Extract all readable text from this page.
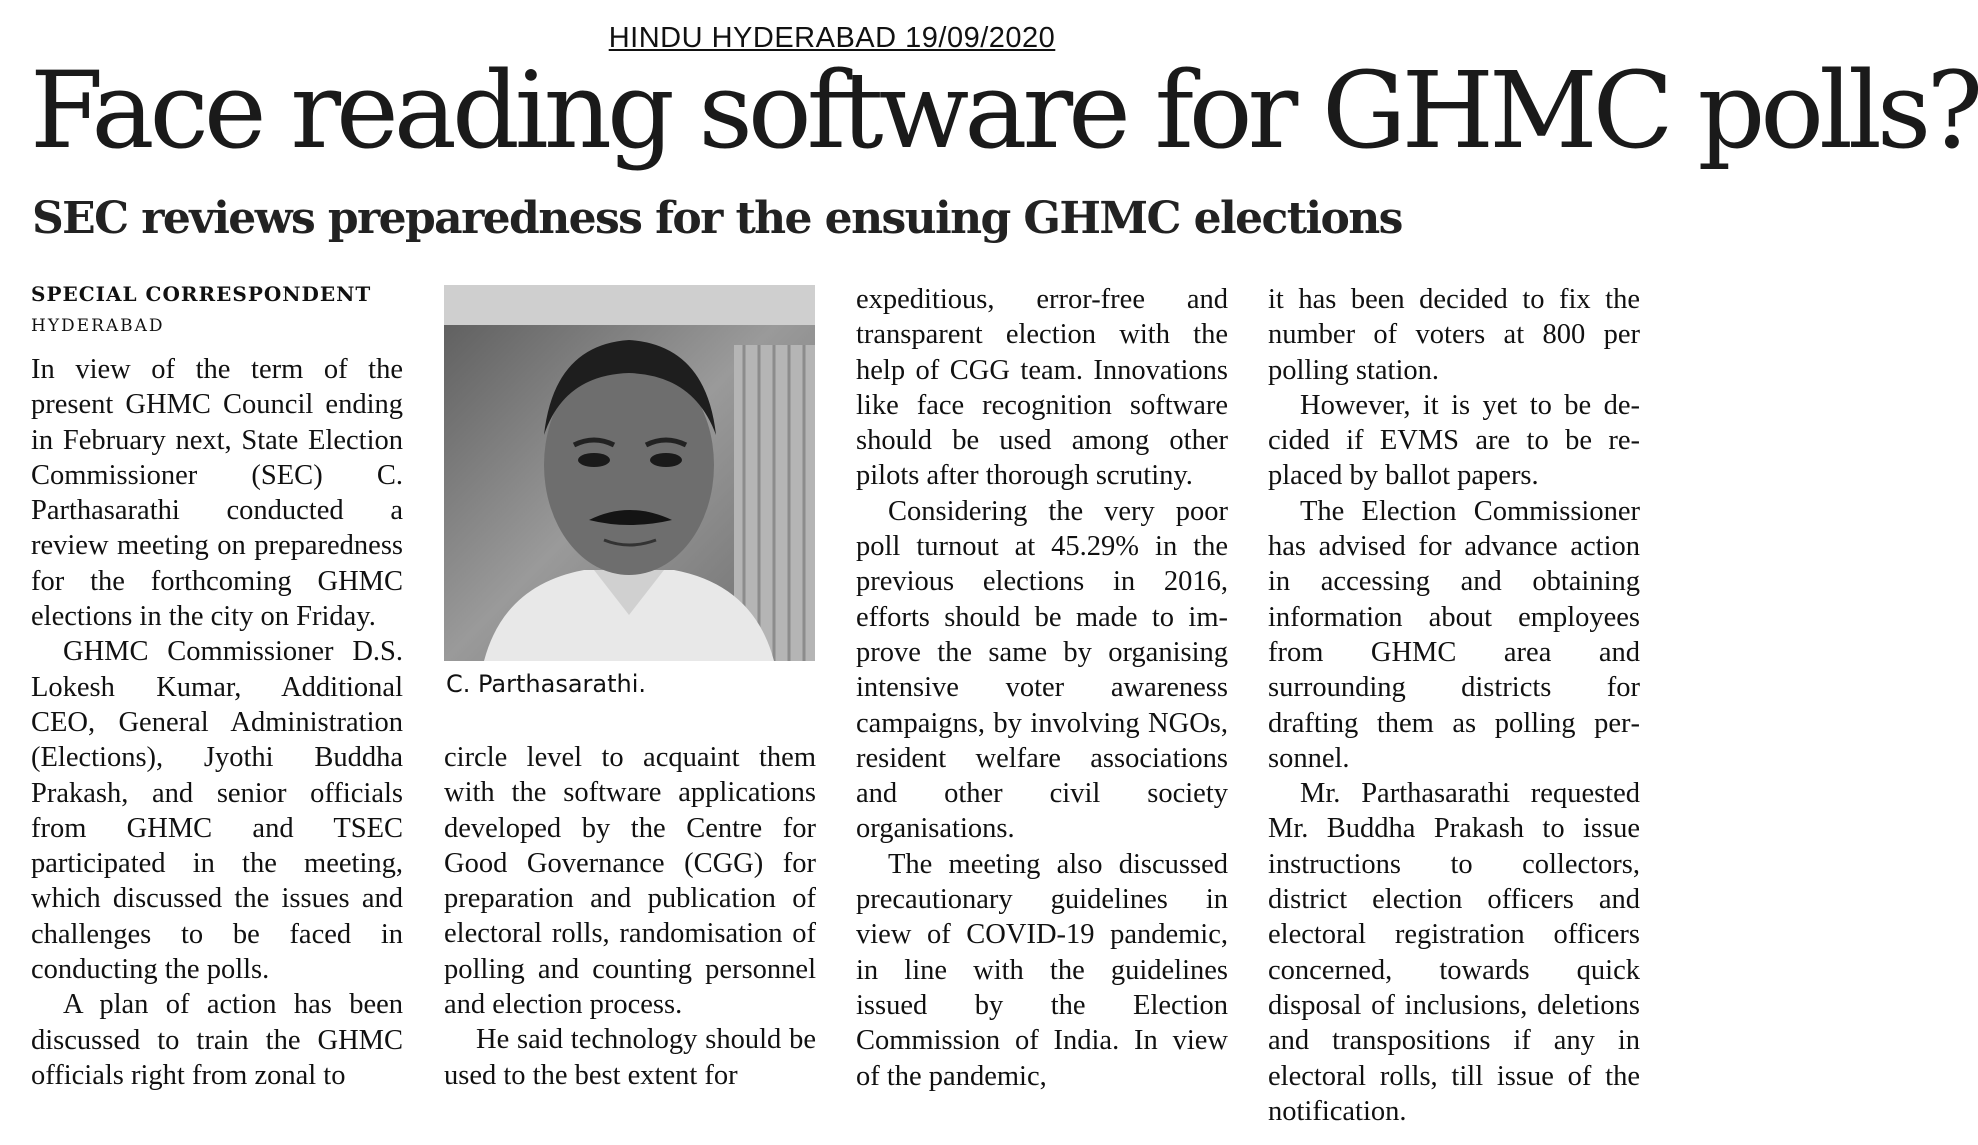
HINDU HYDERABAD 19/09/2020
Face reading software for GHMC polls?
SEC reviews preparedness for the ensuing GHMC elections
SPECIAL CORRESPONDENT
HYDERABAD

In view of the term of the present GHMC Council ending in February next, State Election Commissioner (SEC) C. Parthasarathi conducted a review meeting on preparedness for the forthcoming GHMC elections in the city on Friday.

GHMC Commissioner D.S. Lokesh Kumar, Additional CEO, General Administration (Elections), Jyothi Buddha Prakash, and senior officials from GHMC and TSEC participated in the meeting, which discussed the issues and challenges to be faced in conducting the polls.

A plan of action has been discussed to train the GHMC officials right from zonal to

C. Parthasarathi.

circle level to acquaint them with the software applications developed by the Centre for Good Governance (CGG) for preparation and publication of electoral rolls, randomisation of polling and counting personnel and election process.

He said technology should be used to the best extent for

expeditious, error-free and transparent election with the help of CGG team. Innovations like face recognition software should be used among other pilots after thorough scrutiny.

Considering the very poor poll turnout at 45.29% in the previous elections in 2016, efforts should be made to improve the same by organising intensive voter awareness campaigns, by involving NGOs, resident welfare associations and other civil society organisations.

The meeting also discussed precautionary guidelines in view of COVID-19 pandemic, in line with the guidelines issued by the Election Commission of India. In view of the pandemic,

it has been decided to fix the number of voters at 800 per polling station.

However, it is yet to be decided if EVMS are to be replaced by ballot papers.

The Election Commissioner has advised for advance action in accessing and obtaining information about employees from GHMC area and surrounding districts for drafting them as polling personnel.

Mr. Parthasarathi requested Mr. Buddha Prakash to issue instructions to collectors, district election officers and electoral registration officers concerned, towards quick disposal of inclusions, deletions and transpositions if any in electoral rolls, till issue of the notification.
